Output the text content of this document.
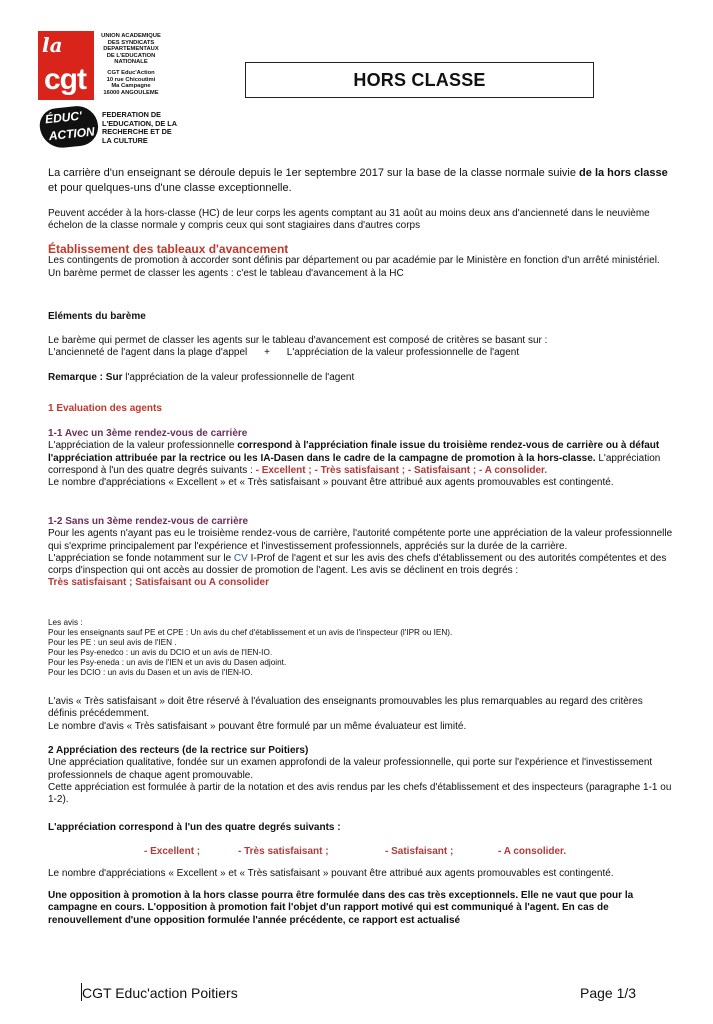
la
cgt
ÉDUC'
ACTION
UNION ACADEMIQUE
DES SYNDICATS
DEPARTEMENTAUX
DE L'EDUCATION
NATIONALE
CGT Educ'Action
10 rue Chicoutimi
Ma Campagne
16000 ANGOULEME
FEDERATION DE
L'EDUCATION, DE LA
RECHERCHE ET DE
LA CULTURE
HORS CLASSE
La carrière d'un enseignant se déroule depuis le 1er septembre 2017 sur la base de la classe normale suivie de la hors classe et pour quelques-uns d'une classe exceptionnelle.
Peuvent accéder à la hors-classe (HC) de leur corps les agents comptant au 31 août au moins deux ans d'ancienneté dans le neuvième échelon de la classe normale y compris ceux qui sont stagiaires dans d'autres corps
Établissement des tableaux d'avancement
Les contingents de promotion à accorder sont définis par département ou par académie par le Ministère en fonction d'un arrêté ministériel.
Un barème permet de classer les agents : c'est le tableau d'avancement à la HC
Eléments du barème
Le barème qui permet de classer les agents sur le tableau d'avancement est composé de critères se basant sur :
L'ancienneté de l'agent dans la plage d'appel + L'appréciation de la valeur professionnelle de l'agent
Remarque : Sur l'appréciation de la valeur professionnelle de l'agent
1 Evaluation des agents
1-1 Avec un 3ème rendez-vous de carrière
L'appréciation de la valeur professionnelle correspond à l'appréciation finale issue du troisième rendez-vous de carrière ou à défaut l'appréciation attribuée par la rectrice ou les IA-Dasen dans le cadre de la campagne de promotion à la hors-classe. L'appréciation correspond à l'un des quatre degrés suivants : - Excellent ; - Très satisfaisant ; - Satisfaisant ; - A consolider.
Le nombre d'appréciations « Excellent » et « Très satisfaisant » pouvant être attribué aux agents promouvables est contingenté.
1-2 Sans un 3ème rendez-vous de carrière
Pour les agents n'ayant pas eu le troisième rendez-vous de carrière, l'autorité compétente porte une appréciation de la valeur professionnelle qui s'exprime principalement par l'expérience et l'investissement professionnels, appréciés sur la durée de la carrière.
L'appréciation se fonde notamment sur le CV I-Prof de l'agent et sur les avis des chefs d'établissement ou des autorités compétentes et des corps d'inspection qui ont accès au dossier de promotion de l'agent. Les avis se déclinent en trois degrés :
Très satisfaisant ; Satisfaisant ou A consolider
Les avis :
Pour les enseignants sauf PE et CPE : Un avis du chef d'établissement et un avis de l'inspecteur (l'IPR ou IEN).
Pour les PE : un seul avis de l'IEN .
Pour les Psy-enedco : un avis du DCIO et un avis de l'IEN-IO.
Pour les Psy-eneda : un avis de l'IEN et un avis du Dasen adjoint.
Pour les DCIO : un avis du Dasen et un avis de l'IEN-IO.
L'avis « Très satisfaisant » doit être réservé à l'évaluation des enseignants promouvables les plus remarquables au regard des critères définis précédemment.
Le nombre d'avis « Très satisfaisant » pouvant être formulé par un même évaluateur est limité.
2 Appréciation des recteurs (de la rectrice sur Poitiers)
Une appréciation qualitative, fondée sur un examen approfondi de la valeur professionnelle, qui porte sur l'expérience et l'investissement professionnels de chaque agent promouvable.
Cette appréciation est formulée à partir de la notation et des avis rendus par les chefs d'établissement et des inspecteurs (paragraphe 1-1 ou 1-2).
L'appréciation correspond à l'un des quatre degrés suivants :
- Excellent ;	- Très satisfaisant ;	- Satisfaisant ;	- A consolider.
Le nombre d'appréciations « Excellent » et « Très satisfaisant » pouvant être attribué aux agents promouvables est contingenté.
Une opposition à promotion à la hors classe pourra être formulée dans des cas très exceptionnels. Elle ne vaut que pour la campagne en cours. L'opposition à promotion fait l'objet d'un rapport motivé qui est communiqué à l'agent. En cas de renouvellement d'une opposition formulée l'année précédente, ce rapport est actualisé
CGT Educ'action Poitiers	Page 1/3
